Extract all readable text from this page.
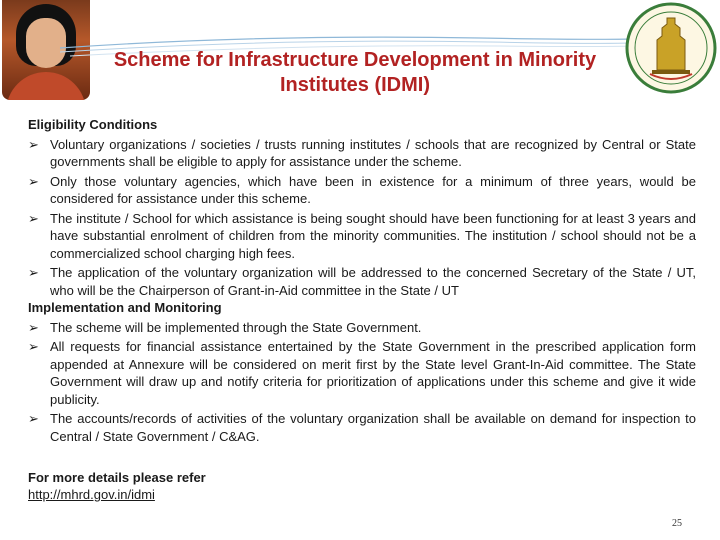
Scheme for Infrastructure Development in Minority Institutes (IDMI)
Eligibility Conditions
➢ Voluntary organizations / societies / trusts running institutes / schools that are recognized by Central or State governments shall be eligible to apply for assistance under the scheme.
➢ Only those voluntary agencies, which have been in existence for a minimum of three years, would be considered for assistance under this scheme.
➢ The institute / School for which assistance is being sought should have been functioning for at least 3 years and have substantial enrolment of children from the minority communities. The institution / school should not be a commercialized school charging high fees.
➢ The application of the voluntary organization will be addressed to the concerned Secretary of the State / UT, who will be the Chairperson of Grant-in-Aid committee in the State / UT
Implementation and Monitoring
➢ The scheme will be implemented through the State Government.
➢ All requests for financial assistance entertained by the State Government in the prescribed application form appended at Annexure will be considered on merit first by the State level Grant-In-Aid committee. The State Government will draw up and notify criteria for prioritization of applications under this scheme and give it wide publicity.
➢ The accounts/records of activities of the voluntary organization shall be available on demand for inspection to Central / State Government / C&AG.
For more details please refer
http://mhrd.gov.in/idmi
25
